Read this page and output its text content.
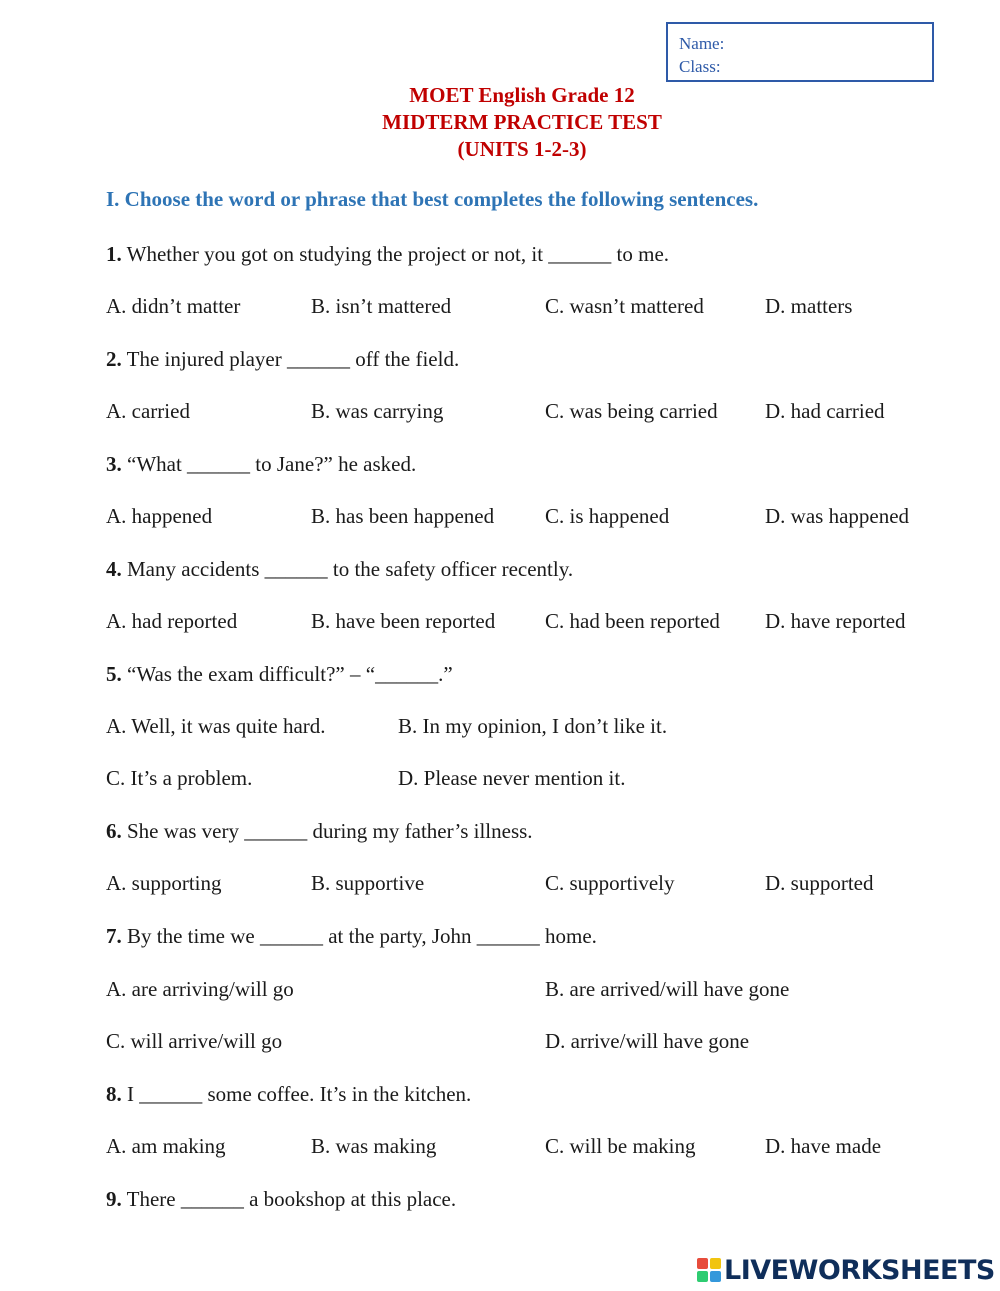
Name:
Class:
MOET English Grade 12
MIDTERM PRACTICE TEST
(UNITS 1-2-3)
I. Choose the word or phrase that best completes the following sentences.
1. Whether you got on studying the project or not, it ______ to me.
A. didn’t matter	B. isn’t mattered	C. wasn’t mattered	D. matters
2. The injured player ______ off the field.
A. carried	B. was carrying	C. was being carried D. had carried
3. “What ______ to Jane?” he asked.
A. happened	B. has been happened C. is happened	D. was happened
4. Many accidents ______ to the safety officer recently.
A. had reported	B. have been reported C. had been reported D. have reported
5. “Was the exam difficult?” – “______.”
A. Well, it was quite hard.	B. In my opinion, I don’t like it.
C. It’s a problem.	D. Please never mention it.
6. She was very ______ during my father’s illness.
A. supporting	B. supportive	C. supportively	D. supported
7. By the time we ______ at the party, John ______ home.
A. are arriving/will go	B. are arrived/will have gone
C. will arrive/will go	D. arrive/will have gone
8. I ______ some coffee. It’s in the kitchen.
A. am making	B. was making	C. will be making	D. have made
9. There ______ a bookshop at this place.
LIVEWORKSHEETS
